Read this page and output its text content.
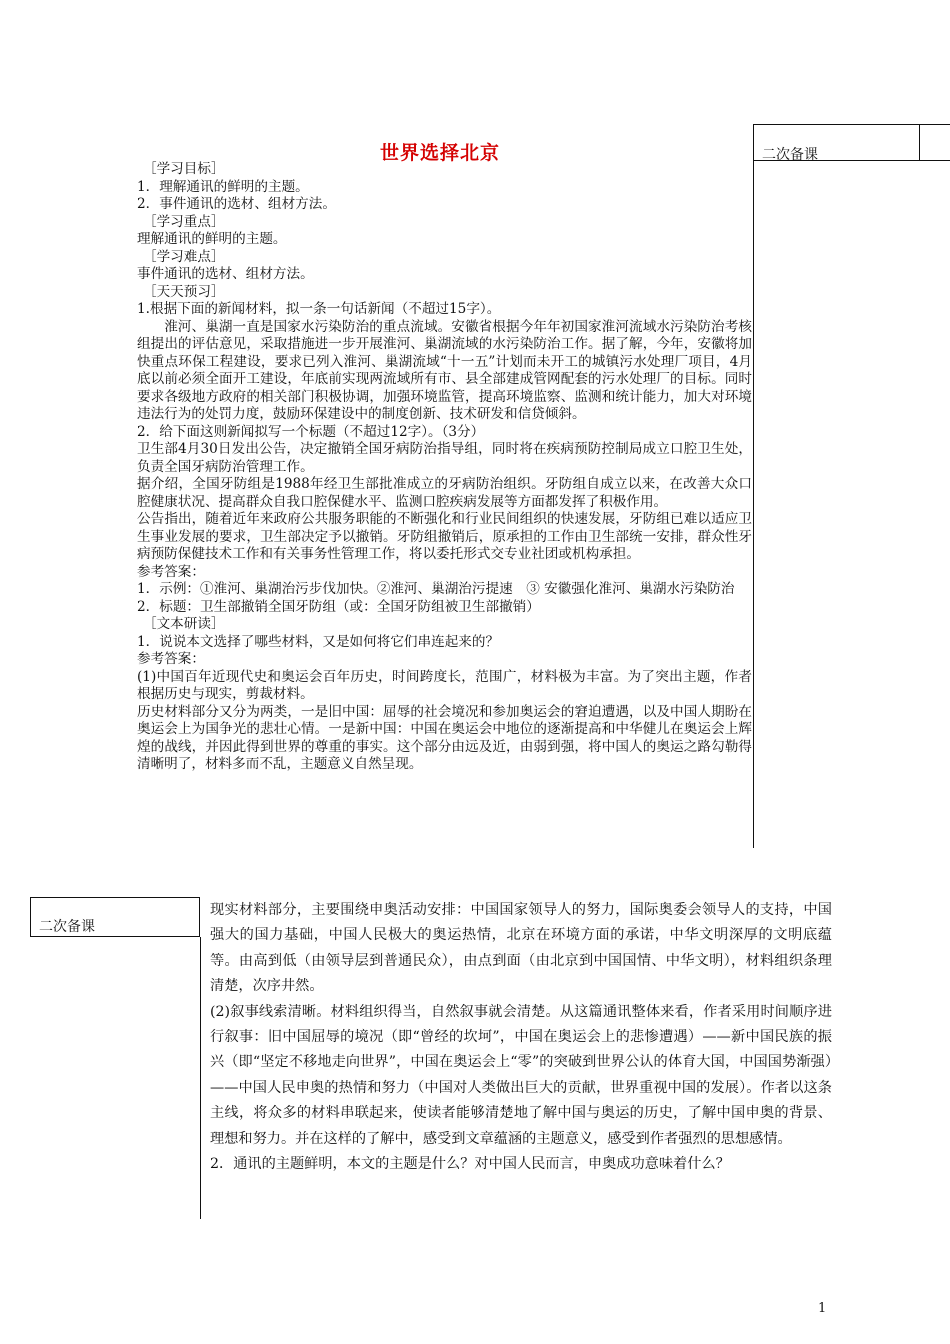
世界选择北京	二次备课

［学习目标］

1．理解通讯的鲜明的主题。

2．事件通讯的选材、组材方法。

［学习重点］

理解通讯的鲜明的主题。

［学习难点］

事件通讯的选材、组材方法。

［天天预习］

1.根据下面的新闻材料，拟一条一句话新闻（不超过15字）。

淮河、巢湖一直是国家水污染防治的重点流域。安徽省根据今年年初国家淮河流域水污染防治考核组提出的评估意见，采取措施进一步开展淮河、巢湖流域的水污染防治工作。据了解，今年，安徽将加快重点环保工程建设，要求已列入淮河、巢湖流域“十一五”计划而未开工的城镇污水处理厂项目，4月底以前必须全面开工建设，年底前实现两流域所有市、县全部建成管网配套的污水处理厂的目标。同时要求各级地方政府的相关部门积极协调，加强环境监管，提高环境监察、监测和统计能力，加大对环境违法行为的处罚力度，鼓励环保建设中的制度创新、技术研发和信贷倾斜。

2．给下面这则新闻拟写一个标题（不超过12字）。（3分）

卫生部4月30日发出公告，决定撤销全国牙病防治指导组，同时将在疾病预防控制局成立口腔卫生处，负责全国牙病防治管理工作。

据介绍，全国牙防组是1988年经卫生部批准成立的牙病防治组织。牙防组自成立以来，在改善大众口腔健康状况、提高群众自我口腔保健水平、监测口腔疾病发展等方面都发挥了积极作用。

公告指出，随着近年来政府公共服务职能的不断强化和行业民间组织的快速发展，牙防组已难以适应卫生事业发展的要求，卫生部决定予以撤销。牙防组撤销后，原承担的工作由卫生部统一安排，群众性牙病预防保健技术工作和有关事务性管理工作，将以委托形式交专业社团或机构承担。

参考答案：

1．示例：①淮河、巢湖治污步伐加快。②淮河、巢湖治污提速　③ 安徽强化淮河、巢湖水污染防治

2．标题：卫生部撤销全国牙防组（或：全国牙防组被卫生部撤销）

［文本研读］

1．说说本文选择了哪些材料，又是如何将它们串连起来的？

参考答案：

(1)中国百年近现代史和奥运会百年历史，时间跨度长，范围广，材料极为丰富。为了突出主题，作者根据历史与现实，剪裁材料。

历史材料部分又分为两类，一是旧中国：屈辱的社会境况和参加奥运会的窘迫遭遇，以及中国人期盼在奥运会上为国争光的悲壮心情。一是新中国：中国在奥运会中地位的逐渐提高和中华健儿在奥运会上辉煌的战线，并因此得到世界的尊重的事实。这个部分由远及近，由弱到强，将中国人的奥运之路勾勒得清晰明了，材料多而不乱，主题意义自然呈现。

二次备课

现实材料部分，主要围绕申奥活动安排：中国国家领导人的努力，国际奥委会领导人的支持，中国强大的国力基础，中国人民极大的奥运热情，北京在环境方面的承诺，中华文明深厚的文明底蕴等。由高到低（由领导层到普通民众），由点到面（由北京到中国国情、中华文明），材料组织条理清楚，次序井然。

(2)叙事线索清晰。材料组织得当，自然叙事就会清楚。从这篇通讯整体来看，作者采用时间顺序进行叙事：旧中国屈辱的境况（即“曾经的坎坷”，中国在奥运会上的悲惨遭遇）——新中国民族的振兴（即“坚定不移地走向世界”，中国在奥运会上“零”的突破到世界公认的体育大国，中国国势渐强）——中国人民申奥的热情和努力（中国对人类做出巨大的贡献，世界重视中国的发展）。作者以这条主线，将众多的材料串联起来，使读者能够清楚地了解中国与奥运的历史，了解中国申奥的背景、理想和努力。并在这样的了解中，感受到文章蕴涵的主题意义，感受到作者强烈的思想感情。

2．通讯的主题鲜明，本文的主题是什么？对中国人民而言，申奥成功意味着什么？

1
